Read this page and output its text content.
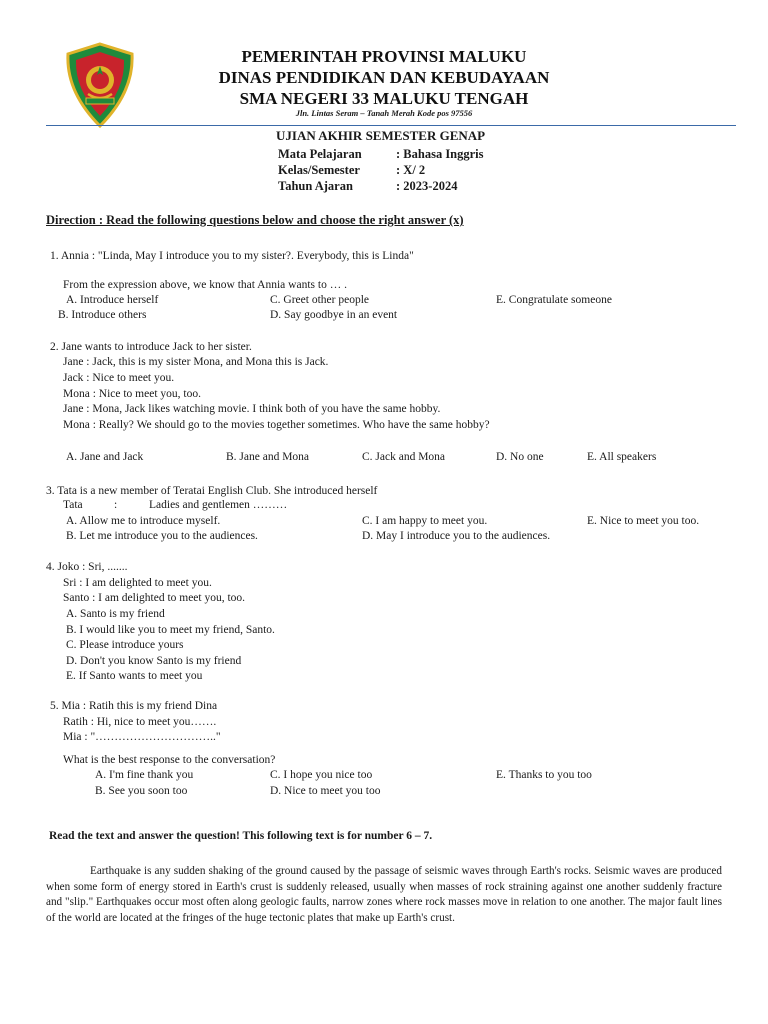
PEMERINTAH PROVINSI MALUKU
DINAS PENDIDIKAN DAN KEBUDAYAAN
SMA NEGERI 33 MALUKU TENGAH
Jln. Lintas Seram – Tanah Merah Kode pos 97556
UJIAN AKHIR SEMESTER GENAP
Mata Pelajaran	: Bahasa Inggris
Kelas/Semester	: X/ 2
Tahun Ajaran	: 2023-2024
Direction : Read the following questions below and choose the right answer (x)
1. Annia : "Linda, May I introduce you to my sister?. Everybody, this is Linda"
From the expression above, we know that Annia wants to … .
A. Introduce herself
B. Introduce others
C. Greet other people
D. Say goodbye in an event
E. Congratulate someone
2. Jane wants to introduce Jack to her sister.
Jane : Jack, this is my sister Mona, and Mona this is Jack.
Jack : Nice to meet you.
Mona : Nice to meet you, too.
Jane : Mona, Jack likes watching movie. I think both of you have the same hobby.
Mona : Really? We should go to the movies together sometimes. Who have the same hobby?
A. Jane and Jack	B. Jane and Mona	C. Jack and Mona	D. No one	E. All speakers
3. Tata is a new member of Teratai English Club. She introduced herself
Tata	:	Ladies and gentlemen ………
A. Allow me to introduce myself.
B. Let me introduce you to the audiences.
C. I am happy to meet you.
D. May I introduce you to the audiences.
E. Nice to meet you too.
4. Joko : Sri, .......
Sri : I am delighted to meet you.
Santo : I am delighted to meet you, too.
A. Santo is my friend
B. I would like you to meet my friend, Santo.
C. Please introduce yours
D. Don't you know Santo is my friend
E. If Santo wants to meet you
5. Mia : Ratih this is my friend Dina
Ratih : Hi, nice to meet you…….
Mia : "………………………….."
What is the best response to the conversation?
A. I'm fine thank you
B. See you soon too
C. I hope you nice too
D. Nice to meet you too
E. Thanks to you too
Read the text and answer the question! This following text is for number 6 – 7.
Earthquake is any sudden shaking of the ground caused by the passage of seismic waves through Earth's rocks. Seismic waves are produced when some form of energy stored in Earth's crust is suddenly released, usually when masses of rock straining against one another suddenly fracture and "slip." Earthquakes occur most often along geologic faults, narrow zones where rock masses move in relation to one another. The major fault lines of the world are located at the fringes of the huge tectonic plates that make up Earth's crust.
